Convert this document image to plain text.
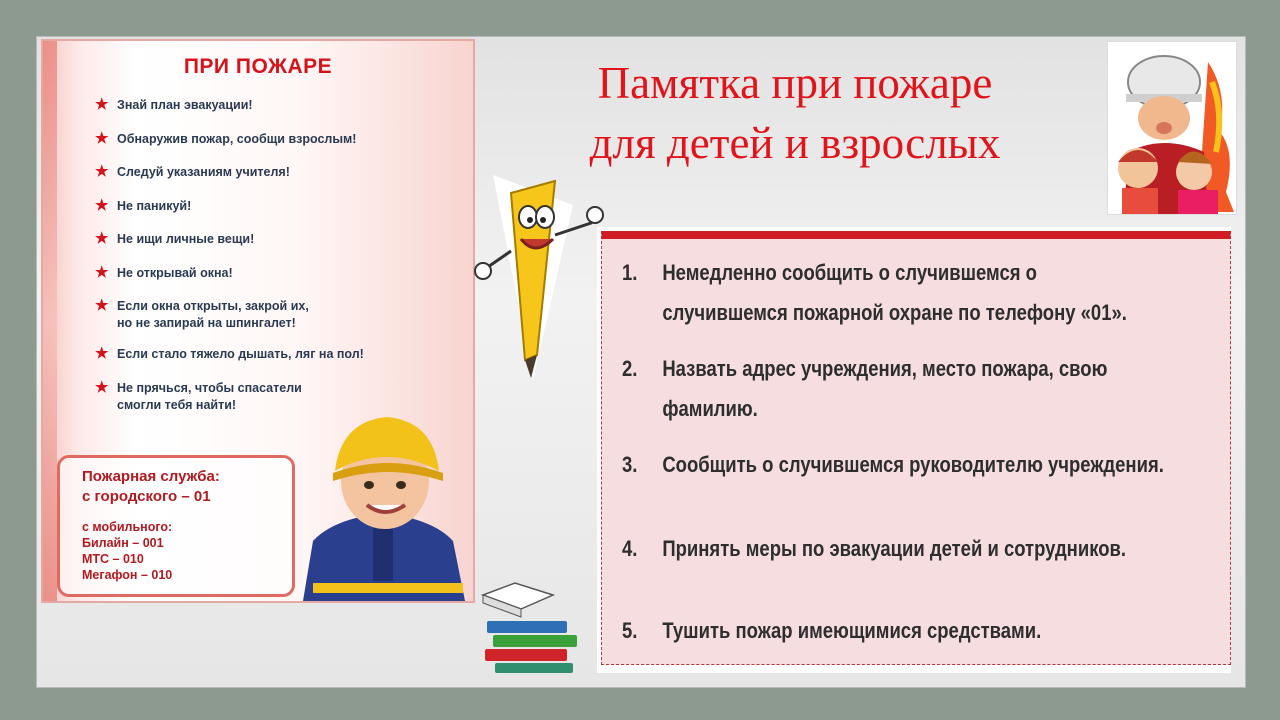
ПРИ ПОЖАРЕ
★ Знай план эвакуации!
★ Обнаружив пожар, сообщи взрослым!
★ Следуй указаниям учителя!
★ Не паникуй!
★ Не ищи личные вещи!
★ Не открывай окна!
★ Если окна открыты, закрой их,
но не запирай на шпингалет!
★ Если стало тяжело дышать, ляг на пол!
★ Не прячься, чтобы спасатели
смогли тебя найти!
Пожарная служба:
с городского – 01
с мобильного:
Билайн – 001
МТС – 010
Мегафон – 010
Памятка при пожаре
для детей и взрослых
1. Немедленно сообщить о случившемся о
случившемся пожарной охране по телефону «01».
2. Назвать адрес учреждения, место пожара, свою
фамилию.
3. Сообщить о случившемся руководителю учреждения.
4. Принять меры по эвакуации детей и сотрудников.
5. Тушить пожар имеющимися средствами.
